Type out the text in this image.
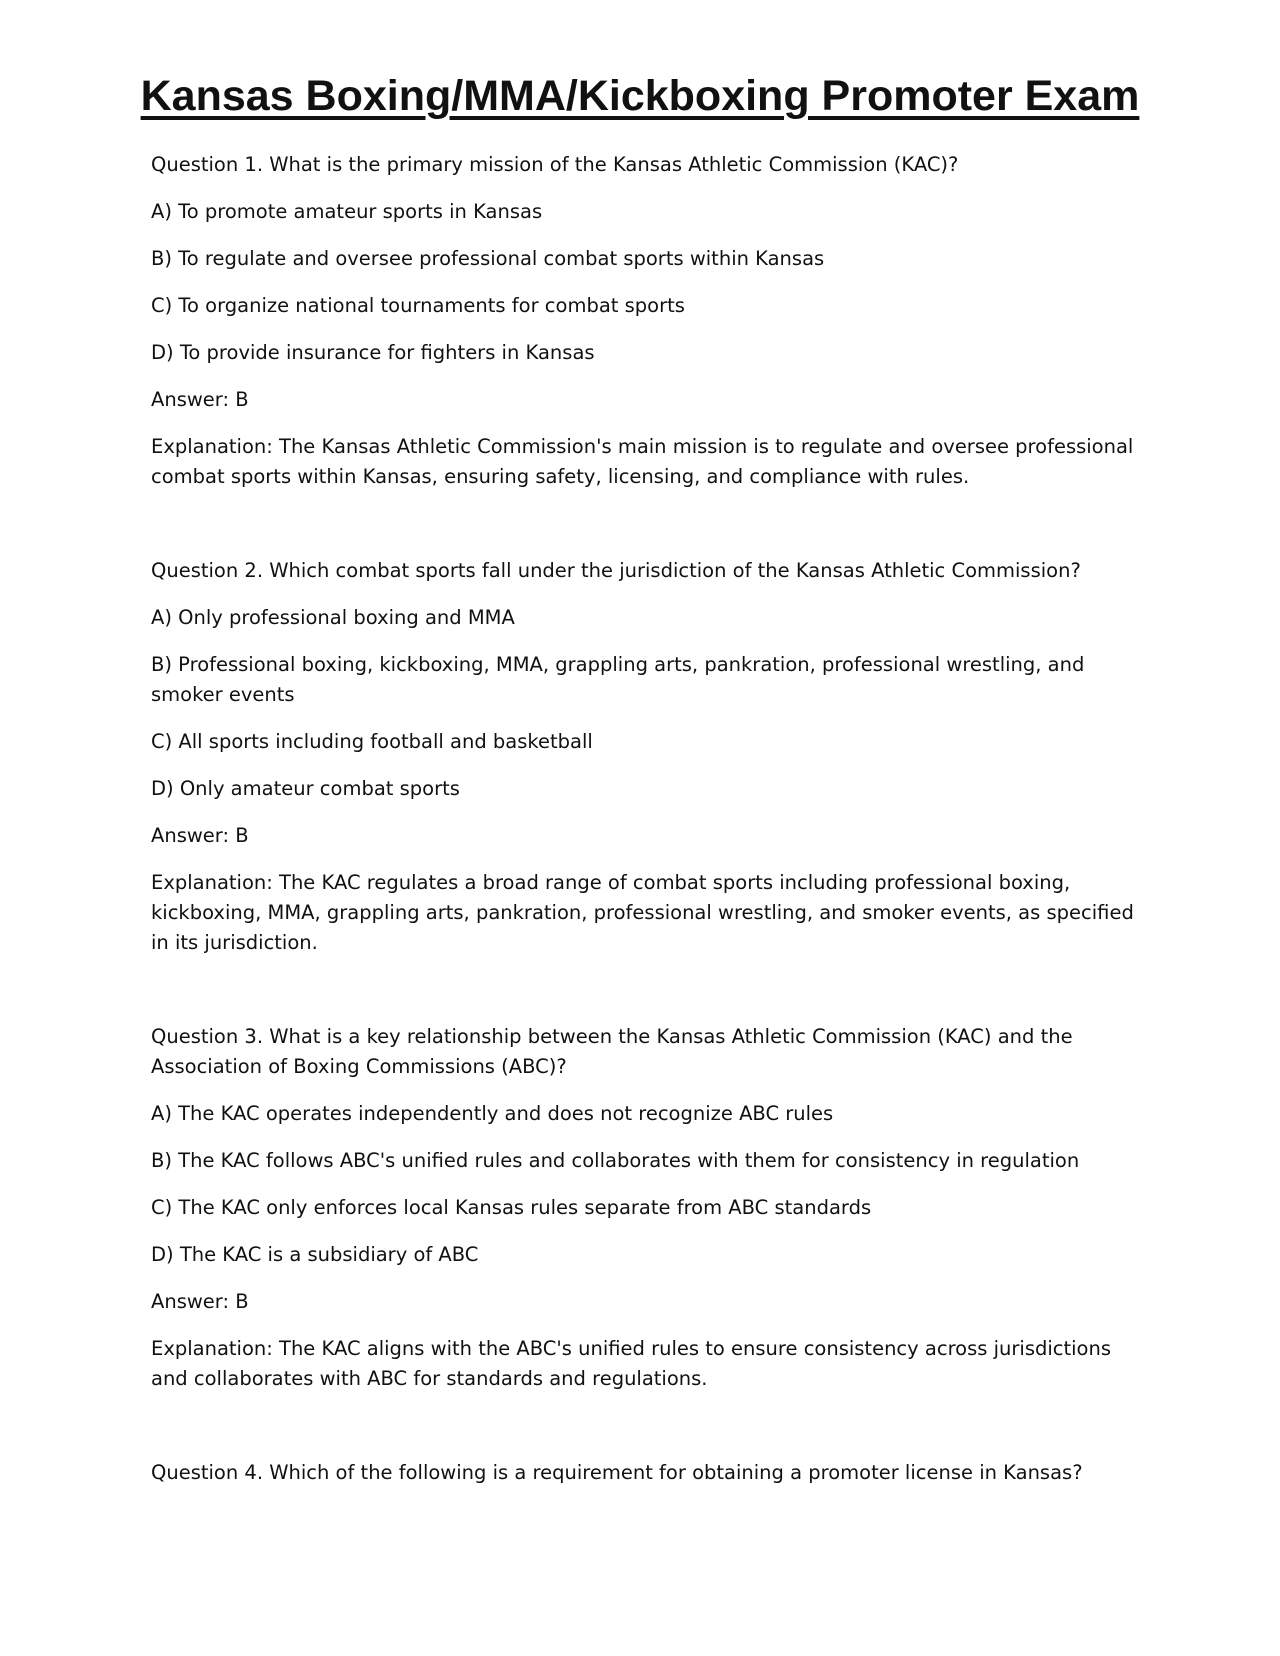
Kansas Boxing/MMA/Kickboxing Promoter Exam

Question 1. What is the primary mission of the Kansas Athletic Commission (KAC)?

A) To promote amateur sports in Kansas

B) To regulate and oversee professional combat sports within Kansas

C) To organize national tournaments for combat sports

D) To provide insurance for fighters in Kansas

Answer: B

Explanation: The Kansas Athletic Commission's main mission is to regulate and oversee professional combat sports within Kansas, ensuring safety, licensing, and compliance with rules.

Question 2. Which combat sports fall under the jurisdiction of the Kansas Athletic Commission?

A) Only professional boxing and MMA

B) Professional boxing, kickboxing, MMA, grappling arts, pankration, professional wrestling, and smoker events

C) All sports including football and basketball

D) Only amateur combat sports

Answer: B

Explanation: The KAC regulates a broad range of combat sports including professional boxing, kickboxing, MMA, grappling arts, pankration, professional wrestling, and smoker events, as specified in its jurisdiction.

Question 3. What is a key relationship between the Kansas Athletic Commission (KAC) and the Association of Boxing Commissions (ABC)?

A) The KAC operates independently and does not recognize ABC rules

B) The KAC follows ABC's unified rules and collaborates with them for consistency in regulation

C) The KAC only enforces local Kansas rules separate from ABC standards

D) The KAC is a subsidiary of ABC

Answer: B

Explanation: The KAC aligns with the ABC's unified rules to ensure consistency across jurisdictions and collaborates with ABC for standards and regulations.

Question 4. Which of the following is a requirement for obtaining a promoter license in Kansas?
